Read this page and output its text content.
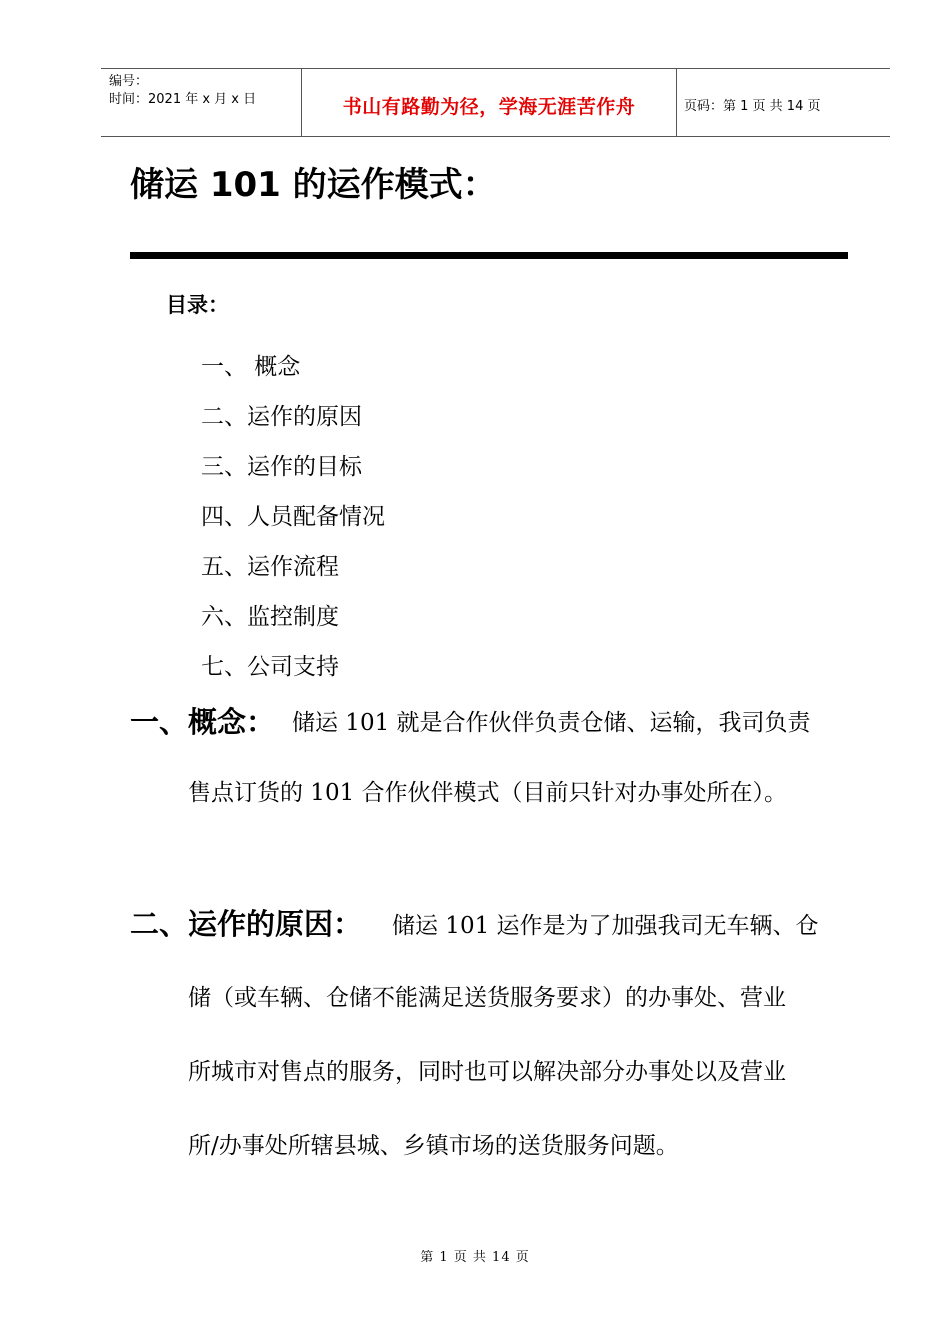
编号：
时间：2021 年 x 月 x 日	书山有路勤为径，学海无涯苦作舟	页码：第 1 页 共 14 页
储运 101 的运作模式：
目录：
一、 概念
二、运作的原因
三、运作的目标
四、人员配备情况
五、运作流程
六、监控制度
七、公司支持
一、概念： 储运 101 就是合作伙伴负责仓储、运输，我司负责
售点订货的 101 合作伙伴模式（目前只针对办事处所在）。
二、运作的原因： 储运 101 运作是为了加强我司无车辆、仓
储（或车辆、仓储不能满足送货服务要求）的办事处、营业
所城市对售点的服务，同时也可以解决部分办事处以及营业
所/办事处所辖县城、乡镇市场的送货服务问题。
第 1 页 共 14 页
